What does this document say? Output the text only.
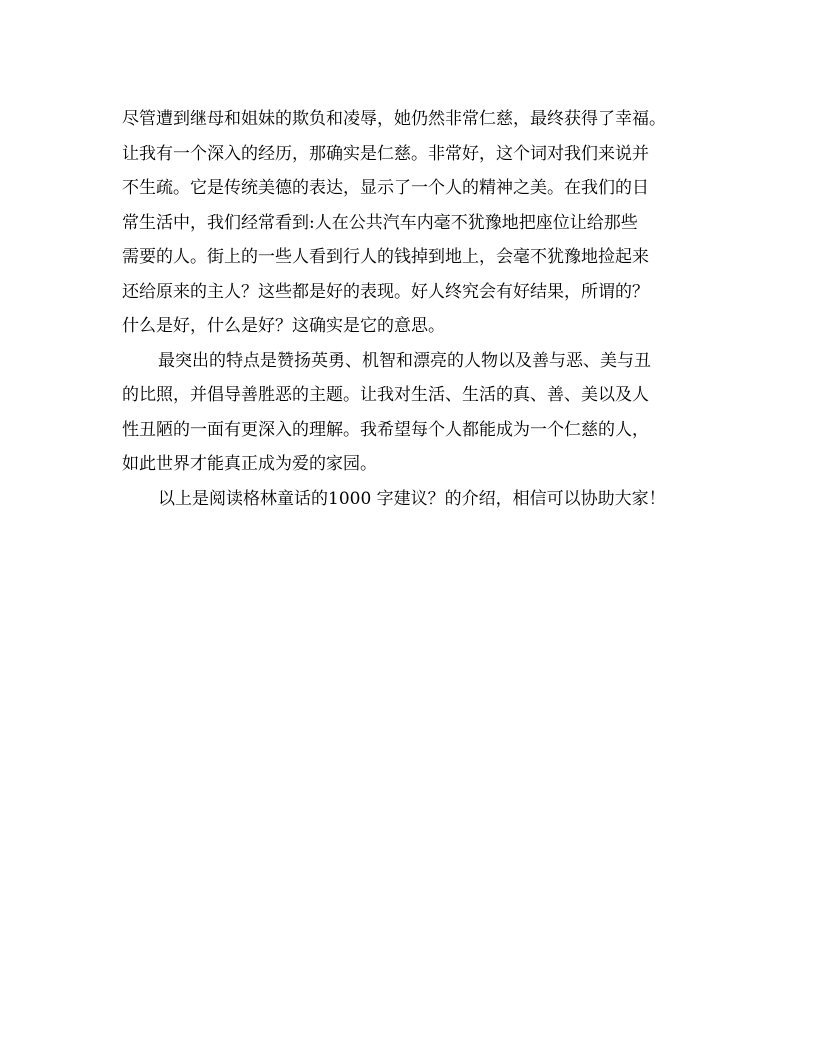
尽管遭到继母和姐妹的欺负和凌辱，她仍然非常仁慈，最终获得了幸福。
让我有一个深入的经历，那确实是仁慈。非常好，这个词对我们来说并
不生疏。它是传统美德的表达，显示了一个人的精神之美。在我们的日
常生活中，我们经常看到:人在公共汽车内毫不犹豫地把座位让给那些
需要的人。街上的一些人看到行人的钱掉到地上，会毫不犹豫地捡起来
还给原来的主人？这些都是好的表现。好人终究会有好结果，所谓的？
什么是好，什么是好？这确实是它的意思。
最突出的特点是赞扬英勇、机智和漂亮的人物以及善与恶、美与丑
的比照，并倡导善胜恶的主题。让我对生活、生活的真、善、美以及人
性丑陋的一面有更深入的理解。我希望每个人都能成为一个仁慈的人，
如此世界才能真正成为爱的家园。
以上是阅读格林童话的1000 字建议？的介绍，相信可以协助大家！
